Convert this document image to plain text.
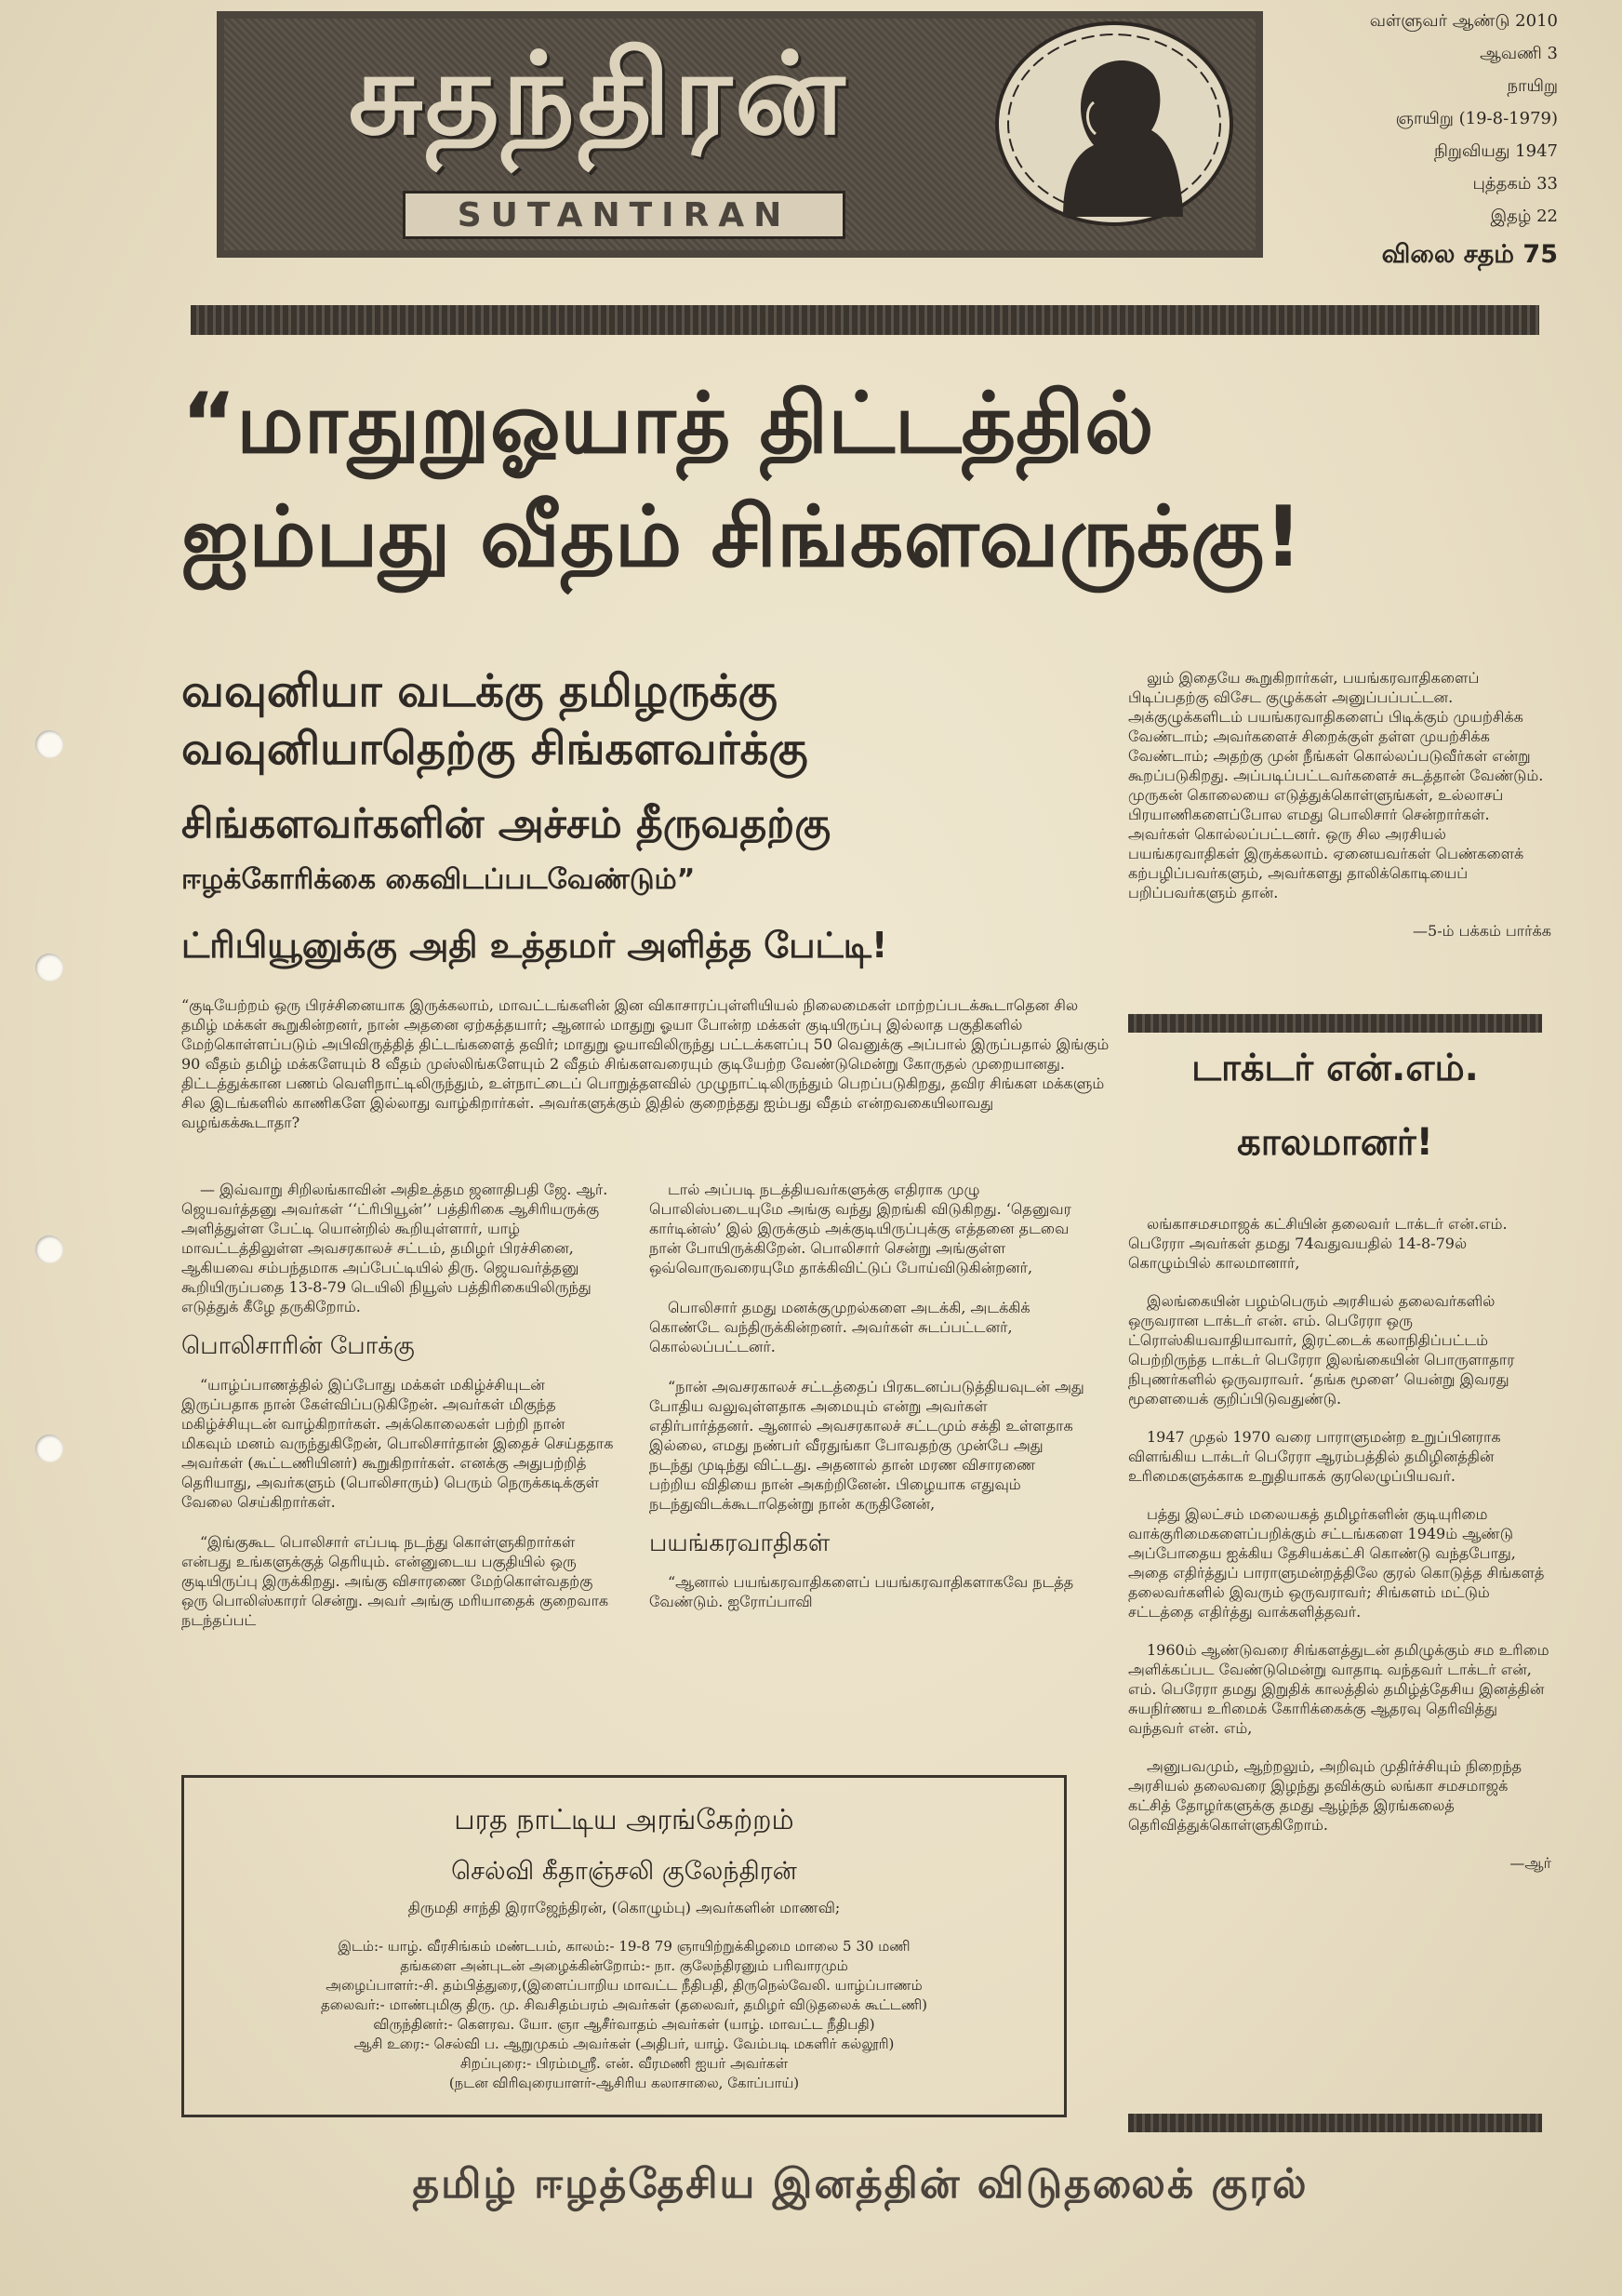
சுதந்திரன்
SUTANTIRAN
வள்ளுவர் ஆண்டு 2010
ஆவணி 3
நாயிறு
ஞாயிறு (19-8-1979)
நிறுவியது 1947
புத்தகம் 33
இதழ் 22
விலை சதம் 75
“மாதுறுஓயாத் திட்டத்தில்
ஐம்பது வீதம் சிங்களவருக்கு!
வவுனியா வடக்கு தமிழருக்கு
வவுனியாதெற்கு சிங்களவர்க்கு
சிங்களவர்களின் அச்சம் தீருவதற்கு
ஈழக்கோரிக்கை கைவிடப்படவேண்டும்”
ட்ரிபியூனுக்கு அதி உத்தமர் அளித்த பேட்டி!
“குடியேற்றம் ஒரு பிரச்சினையாக இருக்கலாம், மாவட்டங்களின் இன விகாசாரப்புள்ளியியல் நிலைமைகள் மாற்றப்படக்கூடாதென சில தமிழ் மக்கள் கூறுகின்றனர், நான் அதனை ஏற்கத்தயார்; ஆனால் மாதுறு ஓயா போன்ற மக்கள் குடியிருப்பு இல்லாத பகுதிகளில் மேற்கொள்ளப்படும் அபிவிருத்தித் திட்டங்களைத் தவிர்; மாதுறு ஓயாவிலிருந்து பட்டக்களப்பு 50 வெனுக்கு அப்பால் இருப்பதால் இங்கும் 90 வீதம் தமிழ் மக்களேயும் 8 வீதம் முஸ்லிங்களேயும் 2 வீதம் சிங்களவரையும் குடியேற்ற வேண்டுமென்று கோருதல் முறையானது. திட்டத்துக்கான பணம் வெளிநாட்டிலிருந்தும், உள்நாட்டைப் பொறுத்தளவில் முழுநாட்டிலிருந்தும் பெறப்படுகிறது, தவிர சிங்கள மக்களும் சில இடங்களில் காணிகளே இல்லாது வாழ்கிறார்கள். அவர்களுக்கும் இதில் குறைந்தது ஐம்பது வீதம் என்றவகையிலாவது வழங்கக்கூடாதா?

— இவ்வாறு சிறிலங்காவின் அதிஉத்தம ஜனாதிபதி ஜே. ஆர். ஜெயவர்த்தனு அவர்கள் ‘‘ட்ரிபியூன்’’ பத்திரிகை ஆசிரியருக்கு அளித்துள்ள பேட்டி யொன்றில் கூறியுள்ளார், யாழ் மாவட்டத்திலுள்ள அவசரகாலச் சட்டம், தமிழர் பிரச்சினை, ஆகியவை சம்பந்தமாக அப்பேட்டியில் திரு. ஜெயவர்த்தனு கூறியிருப்பதை 13-8-79 டெயிலி நியூஸ் பத்திரிகையிலிருந்து எடுத்துக் கீழே தருகிறோம்.

பொலிசாரின் போக்கு

“யாழ்ப்பாணத்தில் இப்போது மக்கள் மகிழ்ச்சியுடன் இருப்பதாக நான் கேள்விப்படுகிறேன். அவர்கள் மிகுந்த மகிழ்ச்சியுடன் வாழ்கிறார்கள். அக்கொலைகள் பற்றி நான் மிகவும் மனம் வருந்துகிறேன், பொலிசார்தான் இதைச் செய்ததாக அவர்கள் (கூட்டணியினர்) கூறுகிறார்கள். எனக்கு அதுபற்றித் தெரியாது, அவர்களும் (பொலிசாரும்) பெரும் நெருக்கடிக்குள் வேலை செய்கிறார்கள்.

“இங்குகூட பொலிசார் எப்படி நடந்து கொள்ளுகிறார்கள் என்பது உங்களுக்குத் தெரியும். என்னுடைய பகுதியில் ஒரு குடியிருப்பு இருக்கிறது. அங்கு விசாரணை மேற்கொள்வதற்கு ஒரு பொலிஸ்காரர் சென்று. அவர் அங்கு மரியாதைக் குறைவாக நடந்தப்பட்

டால் அப்படி நடத்தியவர்களுக்கு எதிராக முழு பொலிஸ்படையுமே அங்கு வந்து இறங்கி விடுகிறது. ‘தெனுவர கார்டின்ஸ்’ இல் இருக்கும் அக்குடியிருப்புக்கு எத்தனை தடவை நான் போயிருக்கிறேன். பொலிசார் சென்று அங்குள்ள ஒவ்வொருவரையுமே தாக்கிவிட்டுப் போய்விடுகின்றனர்,

பொலிசார் தமது மனக்குமுறல்களை அடக்கி, அடக்கிக் கொண்டே வந்திருக்கின்றனர். அவர்கள் சுடப்பட்டனர், கொல்லப்பட்டனர்.

“நான் அவசரகாலச் சட்டத்தைப் பிரகடனப்படுத்தியவுடன் அது போதிய வலுவுள்ளதாக அமையும் என்று அவர்கள் எதிர்பார்த்தனர். ஆனால் அவசரகாலச் சட்டமும் சக்தி உள்ளதாக இல்லை, எமது நண்பர் வீரதுங்கா போவதற்கு முன்பே அது நடந்து முடிந்து விட்டது. அதனால் தான் மரண விசாரணை பற்றிய விதியை நான் அகற்றினேன். பிழையாக எதுவும் நடந்துவிடக்கூடாதென்று நான் கருதினேன்,

பயங்கரவாதிகள்

“ஆனால் பயங்கரவாதிகளைப் பயங்கரவாதிகளாகவே நடத்த வேண்டும். ஐரோப்பாவி

லும் இதையே கூறுகிறார்கள், பயங்கரவாதிகளைப் பிடிப்பதற்கு விசேட குழுக்கள் அனுப்பப்பட்டன. அக்குழுக்களிடம் பயங்கரவாதிகளைப் பிடிக்கும் முயற்சிக்க வேண்டாம்; அவர்களைச் சிறைக்குள் தள்ள முயற்சிக்க வேண்டாம்; அதற்கு முன் நீங்கள் கொல்லப்படுவீர்கள் என்று கூறப்படுகிறது. அப்படிப்பட்டவர்களைச் சுடத்தான் வேண்டும். முருகன் கொலையை எடுத்துக்கொள்ளுங்கள், உல்லாசப் பிரயாணிகளைப்போல எமது பொலிசார் சென்றார்கள். அவர்கள் கொல்லப்பட்டனர். ஒரு சில அரசியல் பயங்கரவாதிகள் இருக்கலாம். ஏனையவர்கள் பெண்களைக் கற்பழிப்பவர்களும், அவர்களது தாலிக்கொடியைப் பறிப்பவர்களும் தான்.

—5-ம் பக்கம் பார்க்க
டாக்டர் என்.எம்.
காலமானர்!

லங்காசமசமாஜக் கட்சியின் தலைவர் டாக்டர் என்.எம். பெரேரா அவர்கள் தமது 74வதுவயதில் 14-8-79ல் கொழும்பில் காலமானார்,

இலங்கையின் பழம்பெரும் அரசியல் தலைவர்களில் ஒருவரான டாக்டர் என். எம். பெரேரா ஒரு ட்ரொஸ்கியவாதியாவார், இரட்டைக் கலாநிதிப்பட்டம் பெற்றிருந்த டாக்டர் பெரேரா இலங்கையின் பொருளாதார நிபுணர்களில் ஒருவராவர். ‘தங்க மூளை’ யென்று இவரது மூளையைக் குறிப்பிடுவதுண்டு.

1947 முதல் 1970 வரை பாராளுமன்ற உறுப்பினராக விளங்கிய டாக்டர் பெரேரா ஆரம்பத்தில் தமிழினத்தின் உரிமைகளுக்காக உறுதியாகக் குரலெழுப்பியவர்.

பத்து இலட்சம் மலையகத் தமிழர்களின் குடியுரிமை வாக்குரிமைகளைப்பறிக்கும் சட்டங்களை 1949ம் ஆண்டு அப்போதைய ஐக்கிய தேசியக்கட்சி கொண்டு வந்தபோது, அதை எதிர்த்துப் பாராளுமன்றத்திலே குரல் கொடுத்த சிங்களத் தலைவர்களில் இவரும் ஒருவராவர்; சிங்களம் மட்டும் சட்டத்தை எதிர்த்து வாக்களித்தவர்.

1960ம் ஆண்டுவரை சிங்களத்துடன் தமிழுக்கும் சம உரிமை அளிக்கப்பட வேண்டுமென்று வாதாடி வந்தவர் டாக்டர் என், எம். பெரேரா தமது இறுதிக் காலத்தில் தமிழ்த்தேசிய இனத்தின் சுயநிர்ணய உரிமைக் கோரிக்கைக்கு ஆதரவு தெரிவித்து வந்தவர் என். எம்,

அனுபவமும், ஆற்றலும், அறிவும் முதிர்ச்சியும் நிறைந்த அரசியல் தலைவரை இழந்து தவிக்கும் லங்கா சமசமாஜக் கட்சித் தோழர்களுக்கு தமது ஆழ்ந்த இரங்கலைத் தெரிவித்துக்கொள்ளுகிறோம்.

—ஆர்
பரத நாட்டிய அரங்கேற்றம்
செல்வி கீதாஞ்சலி குலேந்திரன்
திருமதி சாந்தி இராஜேந்திரன், (கொழும்பு) அவர்களின் மாணவி;
இடம்:- யாழ். வீரசிங்கம் மண்டபம், காலம்:- 19-8 79 ஞாயிற்றுக்கிழமை மாலை 5 30 மணி
தங்களை அன்புடன் அழைக்கின்றோம்:- நா. குலேந்திரனும் பரிவாரமும்
அழைப்பாளர்:-சி. தம்பித்துரை,(இளைப்பாறிய மாவட்ட நீதிபதி, திருநெல்வேலி. யாழ்ப்பாணம்
தலைவர்:- மாண்புமிகு திரு. மு. சிவசிதம்பரம் அவர்கள் (தலைவர், தமிழர் விடுதலைக் கூட்டணி)
விருந்தினர்:- கௌரவ. யோ. ஞா ஆசீர்வாதம் அவர்கள் (யாழ். மாவட்ட நீதிபதி)
ஆசி உரை:- செல்வி ப. ஆறுமுகம் அவர்கள் (அதிபர், யாழ். வேம்படி மகளிர் கல்லூரி)
சிறப்புரை:- பிரம்மஸ்ரீ. என். வீரமணி ஐயர் அவர்கள்
(நடன விரிவுரையாளர்-ஆசிரிய கலாசாலை, கோப்பாய்)
தமிழ் ஈழத்தேசிய இனத்தின் விடுதலைக் குரல்
